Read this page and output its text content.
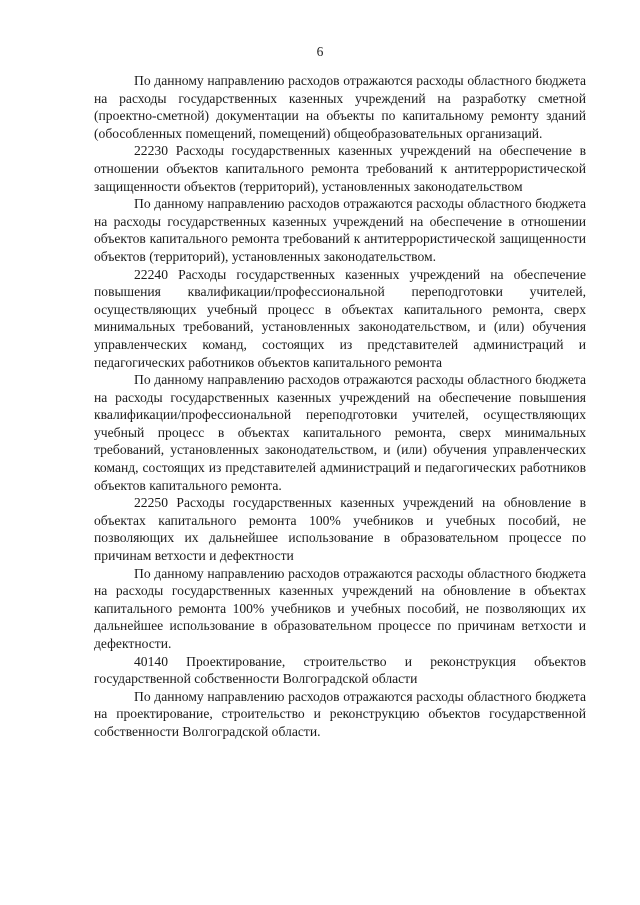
6

По данному направлению расходов отражаются расходы областного бюджета на расходы государственных казенных учреждений на разработку сметной (проектно-сметной) документации на объекты по капитальному ремонту зданий (обособленных помещений, помещений) общеобразовательных организаций.

22230 Расходы государственных казенных учреждений на обеспечение в отношении объектов капитального ремонта требований к антитеррористической защищенности объектов (территорий), установленных законодательством

По данному направлению расходов отражаются расходы областного бюджета на расходы государственных казенных учреждений на обеспечение в отношении объектов капитального ремонта требований к антитеррористической защищенности объектов (территорий), установленных законодательством.

22240 Расходы государственных казенных учреждений на обеспечение повышения квалификации/профессиональной переподготовки учителей, осуществляющих учебный процесс в объектах капитального ремонта, сверх минимальных требований, установленных законодательством, и (или) обучения управленческих команд, состоящих из представителей администраций и педагогических работников объектов капитального ремонта

По данному направлению расходов отражаются расходы областного бюджета на расходы государственных казенных учреждений на обеспечение повышения квалификации/профессиональной переподготовки учителей, осуществляющих учебный процесс в объектах капитального ремонта, сверх минимальных требований, установленных законодательством, и (или) обучения управленческих команд, состоящих из представителей администраций и педагогических работников объектов капитального ремонта.

22250 Расходы государственных казенных учреждений на обновление в объектах капитального ремонта 100% учебников и учебных пособий, не позволяющих их дальнейшее использование в образовательном процессе по причинам ветхости и дефектности

По данному направлению расходов отражаются расходы областного бюджета на расходы государственных казенных учреждений на обновление в объектах капитального ремонта 100% учебников и учебных пособий, не позволяющих их дальнейшее использование в образовательном процессе по причинам ветхости и дефектности.

40140 Проектирование, строительство и реконструкция объектов государственной собственности Волгоградской области

По данному направлению расходов отражаются расходы областного бюджета на проектирование, строительство и реконструкцию объектов государственной собственности Волгоградской области.
